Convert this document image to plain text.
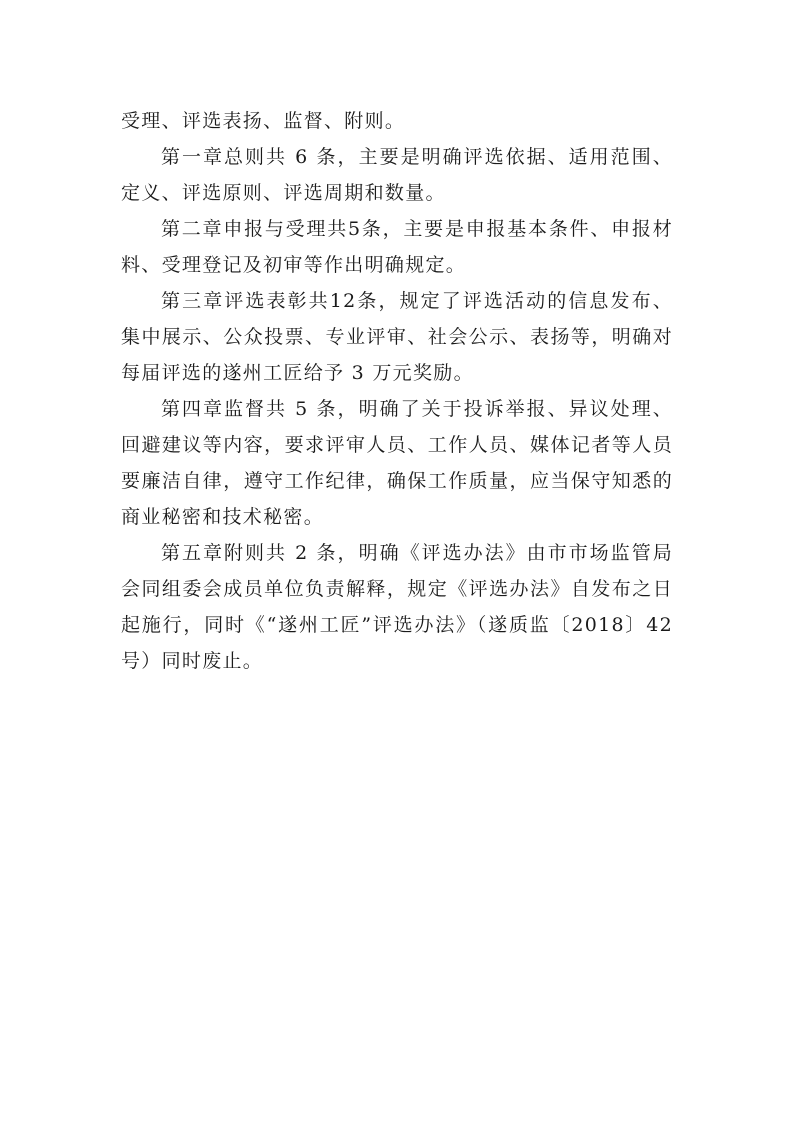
受理、评选表扬、监督、附则。

第一章总则共 6 条，主要是明确评选依据、适用范围、定义、评选原则、评选周期和数量。

第二章申报与受理共5条，主要是申报基本条件、申报材料、受理登记及初审等作出明确规定。

第三章评选表彰共12条，规定了评选活动的信息发布、集中展示、公众投票、专业评审、社会公示、表扬等，明确对每届评选的遂州工匠给予 3 万元奖励。

第四章监督共 5 条，明确了关于投诉举报、异议处理、回避建议等内容，要求评审人员、工作人员、媒体记者等人员要廉洁自律，遵守工作纪律，确保工作质量，应当保守知悉的商业秘密和技术秘密。

第五章附则共 2 条，明确《评选办法》由市市场监管局会同组委会成员单位负责解释，规定《评选办法》自发布之日起施行，同时《“遂州工匠”评选办法》（遂质监〔2018〕42号）同时废止。
